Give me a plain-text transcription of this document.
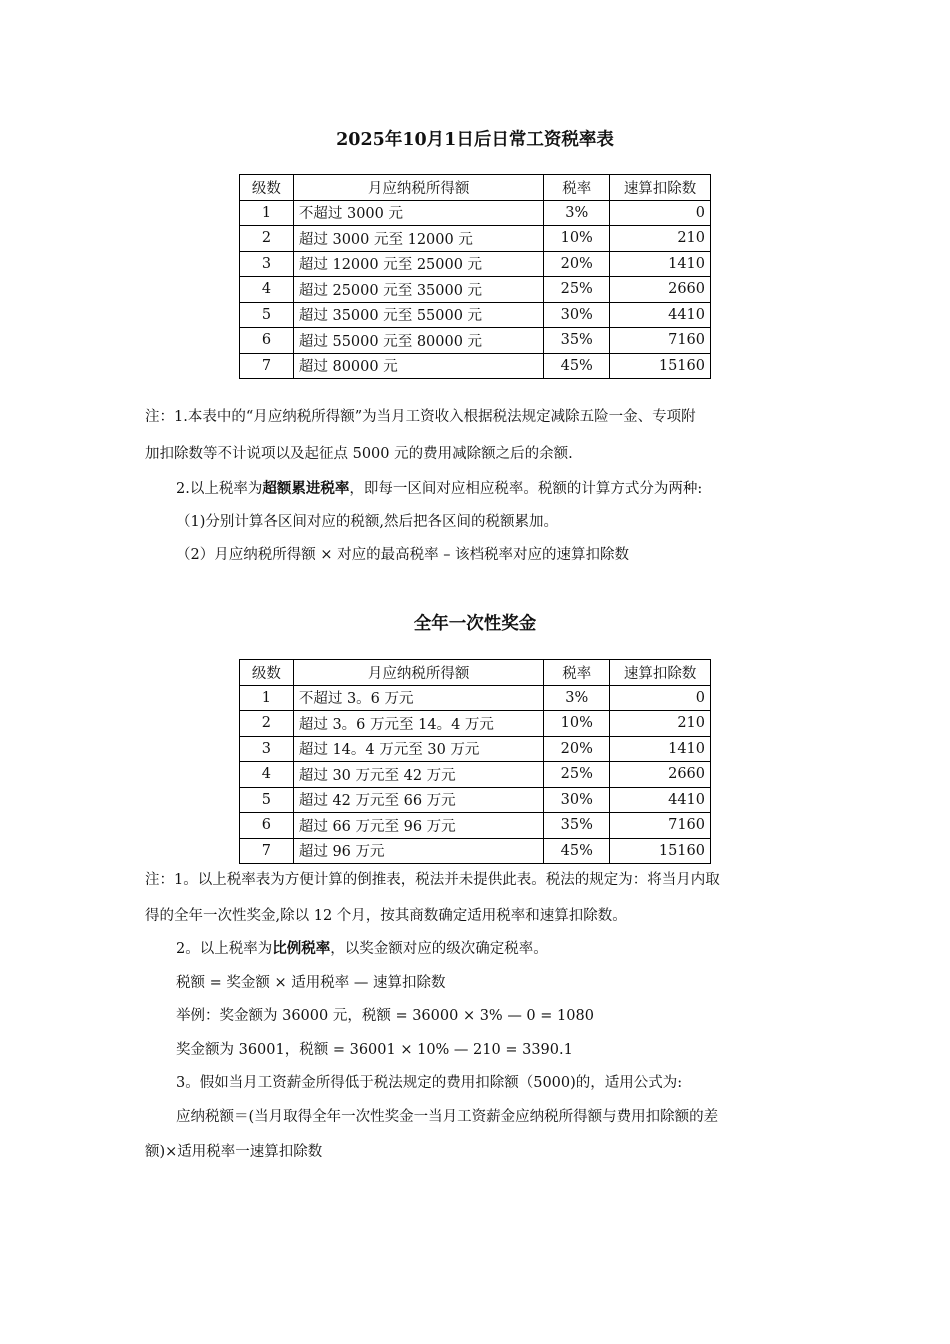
2025年10月1日后日常工资税率表
级数	月应纳税所得额	税率	速算扣除数
1	不超过 3000 元	3%	0
2	超过 3000 元至 12000 元	10%	210
3	超过 12000 元至 25000 元	20%	1410
4	超过 25000 元至 35000 元	25%	2660
5	超过 35000 元至 55000 元	30%	4410
6	超过 55000 元至 80000 元	35%	7160
7	超过 80000 元	45%	15160
注：1.本表中的“月应纳税所得额”为当月工资收入根据税法规定减除五险一金、专项附
加扣除数等不计说项以及起征点 5000 元的费用减除额之后的余额.
2.以上税率为超额累进税率，即每一区间对应相应税率。税额的计算方式分为两种:
（1)分别计算各区间对应的税额,然后把各区间的税额累加。
（2）月应纳税所得额 × 对应的最高税率 – 该档税率对应的速算扣除数
全年一次性奖金
级数	月应纳税所得额	税率	速算扣除数
1	不超过 3。6 万元	3%	0
2	超过 3。6 万元至 14。4 万元	10%	210
3	超过 14。4 万元至 30 万元	20%	1410
4	超过 30 万元至 42 万元	25%	2660
5	超过 42 万元至 66 万元	30%	4410
6	超过 66 万元至 96 万元	35%	7160
7	超过 96 万元	45%	15160
注：1。以上税率表为方便计算的倒推表，税法并未提供此表。税法的规定为：将当月内取
得的全年一次性奖金,除以 12 个月，按其商数确定适用税率和速算扣除数。
2。以上税率为比例税率，以奖金额对应的级次确定税率。
税额 = 奖金额 × 适用税率 — 速算扣除数
举例：奖金额为 36000 元，税额 = 36000 × 3% — 0 = 1080
奖金额为 36001，税额 = 36001 × 10% — 210 = 3390.1
3。假如当月工资薪金所得低于税法规定的费用扣除额（5000)的，适用公式为:
应纳税额＝(当月取得全年一次性奖金一当月工资薪金应纳税所得额与费用扣除额的差
额)×适用税率一速算扣除数
